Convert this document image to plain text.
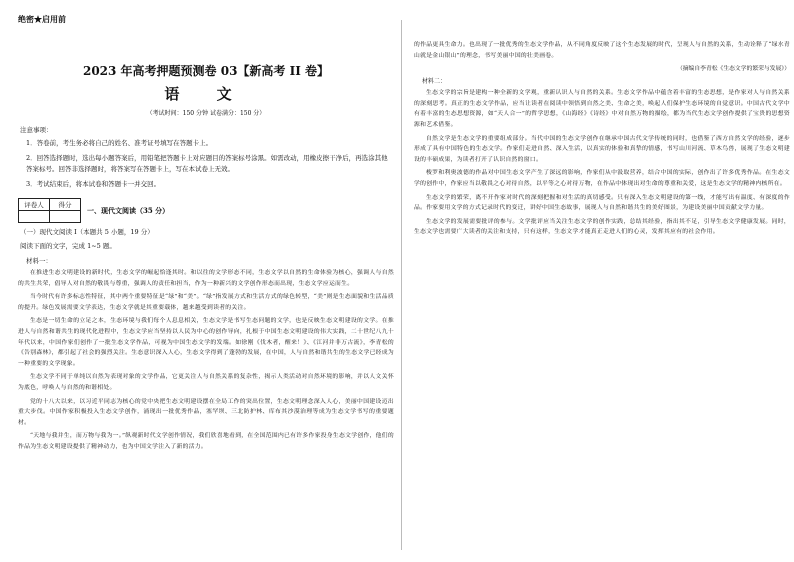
绝密★启用前
2023 年高考押题预测卷 03【新高考 II 卷】
语 文
（考试时间：150 分钟 试卷满分：150 分）
注意事项：
1．答卷前，考生务必将自己的姓名、准考证号填写在答题卡上。
2．回答选择题时，选出每小题答案后，用铅笔把答题卡上对应题目的答案标号涂黑。如需改动，用橡皮擦干净后，再选涂其他答案标号。回答非选择题时，将答案写在答题卡上，写在本试卷上无效。
3．考试结束后，将本试卷和答题卡一并交回。
评卷人	得分

一、现代文阅读（35 分）
（一）现代文阅读 I（本题共 5 小题，19 分）
阅读下面的文字，完成 1~5 题。
材料一：

在推进生态文明建设的新时代，生态文学的崛起恰逢其时。和以往的文学形态不同，生态文学以自然的生命体验为核心，强调人与自然的共生共荣，倡导人对自然的敬畏与尊重，强调人的责任和担当，作为一种新兴的文学创作形态而出现，生态文学应运而生。

当今时代有许多标志性特征，其中两个重要特征是“绿”和“美”。“绿”指发展方式和生活方式的绿色转型，“美”则是生态面貌和生活品质的提升。绿色发展需要文学表达，生态文学就是其重要载体，越来越受到读者的关注。

生态是一切生命的立足之本，生态环境与我们每个人息息相关，生态文学是书写生态问题的文学，也是反映生态文明建设的文学。在推进人与自然和谐共生的现代化进程中，生态文学应当坚持以人民为中心的创作导向，扎根于中国生态文明建设的伟大实践，二十世纪八九十年代以来，中国作家们创作了一批生态文学作品，可视为中国生态文学的发端。如徐刚《伐木者，醒来！》、《江河并非万古流》，李青松的《告别森林》，都引起了社会的强烈关注。生态意识深入人心，生态文学得到了蓬勃的发展，在中国，人与自然和谐共生的生态文学已经成为一种重要的文学现象。

生态文学不同于单纯以自然为表现对象的文学作品，它更关注人与自然关系的复杂性，揭示人类活动对自然环境的影响，并以人文关怀为底色，呼唤人与自然的和谐相处。

党的十八大以来，以习近平同志为核心的党中央把生态文明建设摆在全局工作的突出位置，生态文明理念深入人心，美丽中国建设迈出重大步伐。中国作家积极投入生态文学创作，涌现出一批优秀作品，塞罕坝、三北防护林、库布其沙漠治理等成为生态文学书写的重要题材。

“天地与我并生，而万物与我为一。”纵观新时代文学创作情况，我们欣喜地看到，在全国范围内已有许多作家投身生态文学创作，他们的作品为生态文明建设提供了精神动力，也为中国文学注入了新的活力。

的作品更具生命力。也出现了一批优秀的生态文学作品，从不同角度反映了这个生态发展的时代，呈现人与自然的关系，生动诠释了“绿水青山就是金山银山”的理念，书写美丽中国的壮美画卷。

（摘编自李青松《生态文学的繁荣与发展》）
材料二：

生态文学的宗旨是建构一种全新的文学观，重新认识人与自然的关系。生态文学作品中蕴含着丰富的生态思想，是作家对人与自然关系的深刻思考。真正的生态文学作品，应当让读者在阅读中领悟到自然之美、生命之美，唤起人们保护生态环境的自觉意识。中国古代文学中有着丰富的生态思想资源，如“天人合一”的哲学思想，《山海经》《诗经》中对自然万物的描绘，都为当代生态文学创作提供了宝贵的思想资源和艺术借鉴。

自然文学是生态文学的重要组成部分。当代中国的生态文学创作在继承中国古代文学传统的同时，也借鉴了西方自然文学的经验，逐步形成了具有中国特色的生态文学。作家们走进自然、深入生活，以真实的体验和真挚的情感，书写山川河流、草木鸟兽，展现了生态文明建设的丰硕成果，为读者打开了认识自然的窗口。

梭罗和利奥波德的作品对中国生态文学产生了深远的影响，作家们从中汲取营养，结合中国的实际，创作出了许多优秀作品。在生态文学的创作中，作家应当以敬畏之心对待自然，以平等之心对待万物，在作品中体现出对生命的尊重和关爱，这是生态文学的精神内核所在。

生态文学的繁荣，离不开作家对时代的深刻把握和对生活的真切感受。只有深入生态文明建设的第一线，才能写出有温度、有深度的作品。作家要用文学的方式记录时代的变迁，讲好中国生态故事，展现人与自然和谐共生的美好图景，为建设美丽中国贡献文学力量。

生态文学的发展需要批评的参与。文学批评应当关注生态文学的创作实践，总结其经验，指出其不足，引导生态文学健康发展。同时，生态文学也需要广大读者的关注和支持，只有这样，生态文学才能真正走进人们的心灵，发挥其应有的社会作用。
